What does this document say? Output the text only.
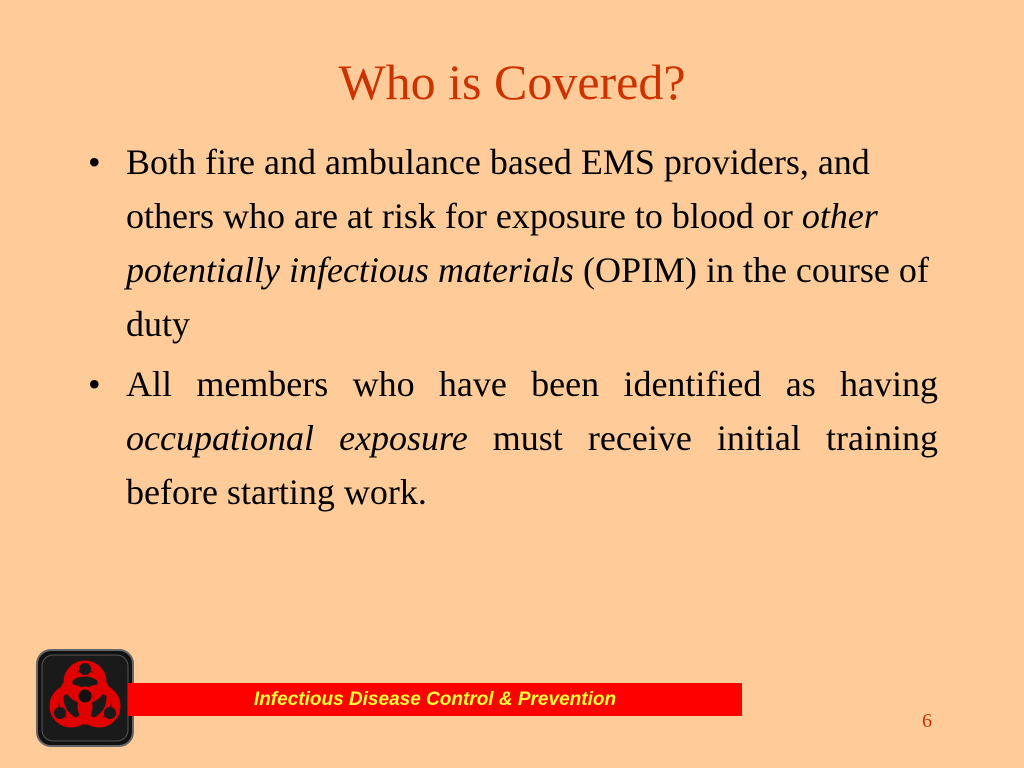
Who is Covered?
• Both fire and ambulance based EMS providers, and others who are at risk for exposure to blood or other potentially infectious materials (OPIM) in the course of duty
• All members who have been identified as having occupational exposure must receive initial training before starting work.
Infectious Disease Control & Prevention
6
